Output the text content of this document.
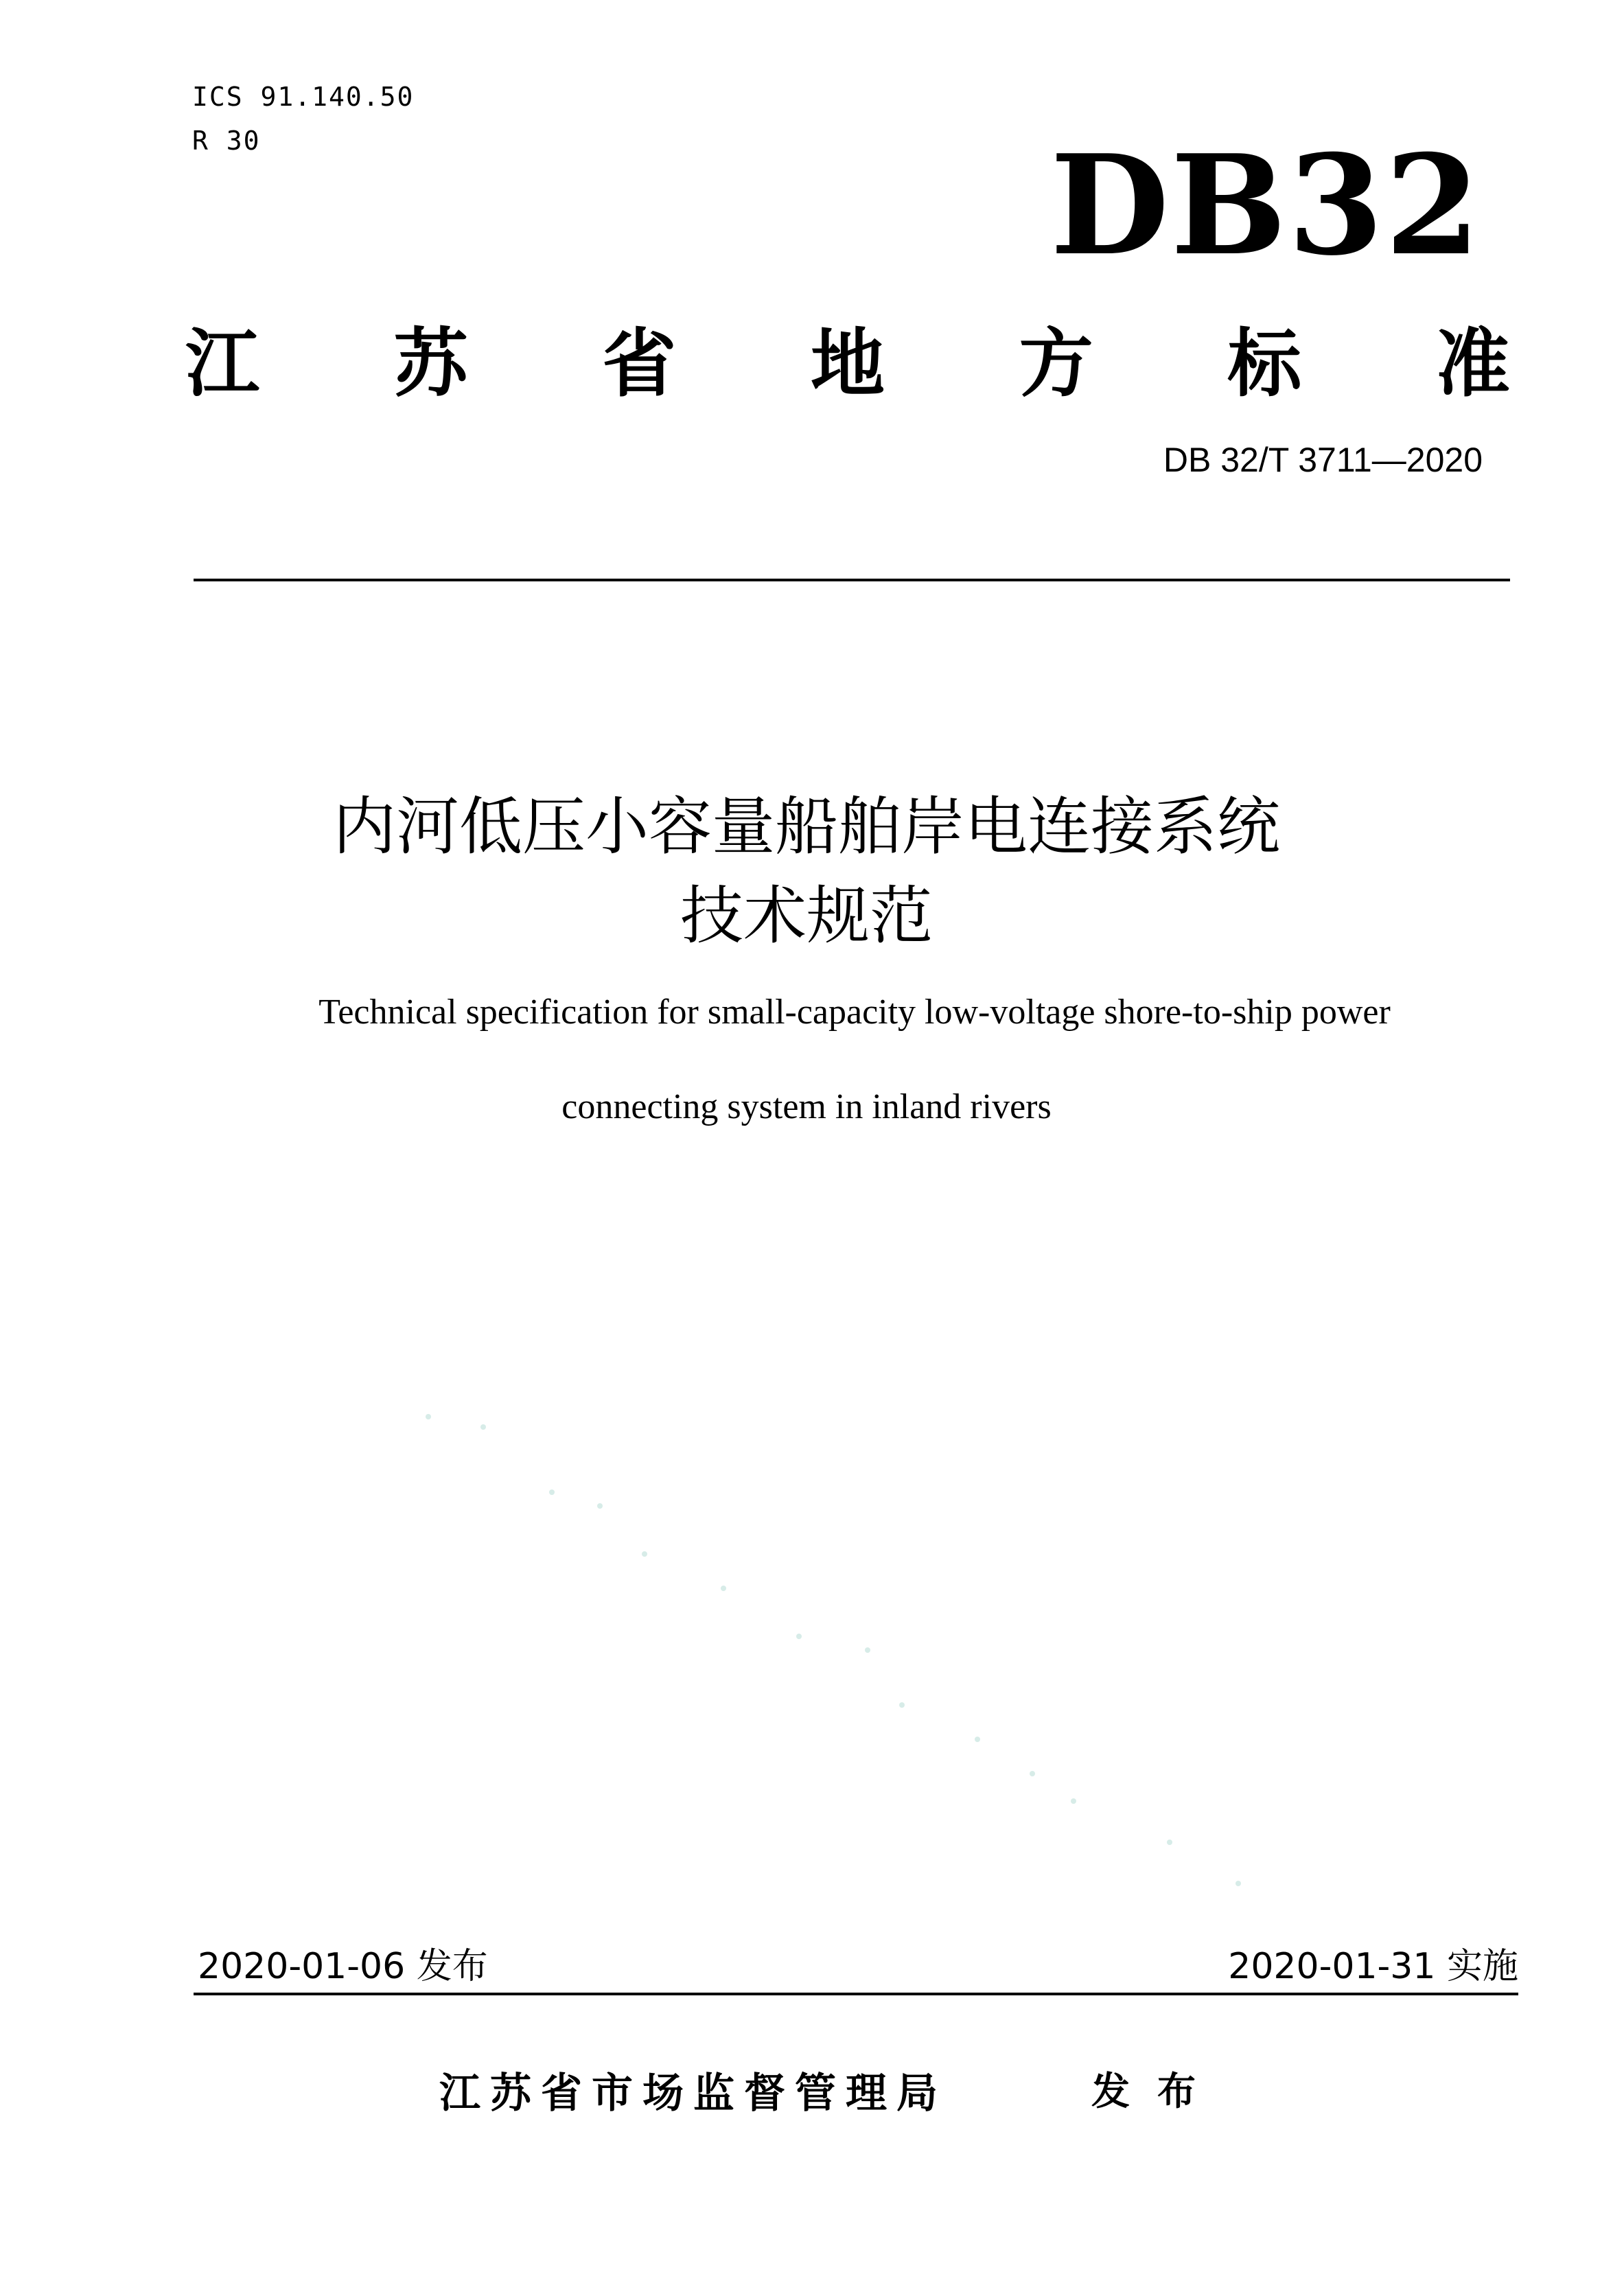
ICS 91.140.50
R 30	DB32
江 苏 省 地 方 标 准
DB 32/T 3711—2020
内河低压小容量船舶岸电连接系统
技术规范
Technical specification for small-capacity low-voltage shore-to-ship power
connecting system in inland rivers
2020-01-06 发布	2020-01-31 实施
江苏省市场监督管理局	发布
